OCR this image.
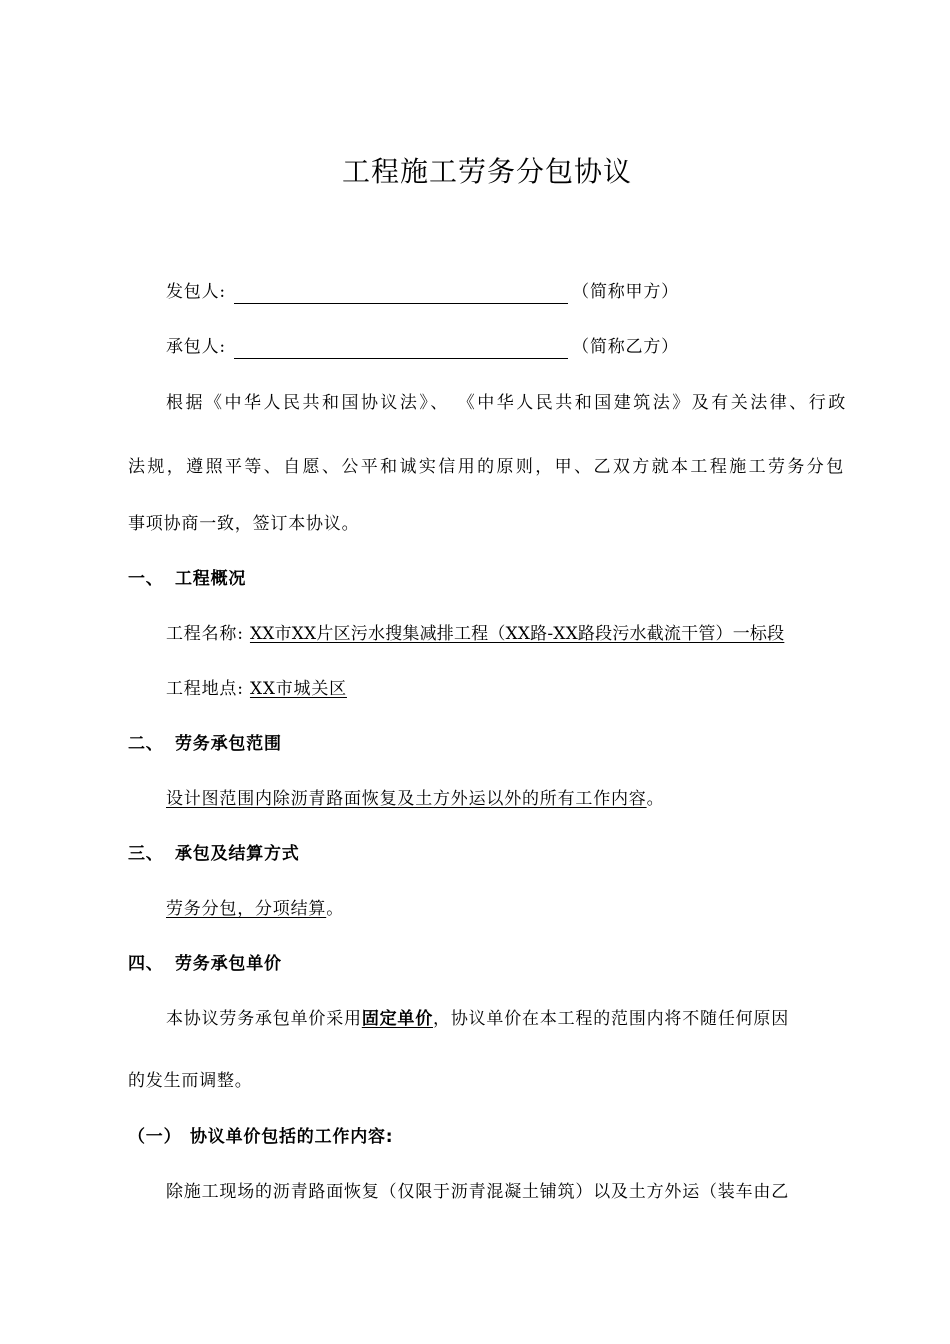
工程施工劳务分包协议
发包人:	（简称甲方）
承包人:	（简称乙方）
根据《中华人民共和国协议法》、 《中华人民共和国建筑法》及有关法律、行政
法规，遵照平等、自愿、公平和诚实信用的原则，甲、乙双方就本工程施工劳务分包
事项协商一致，签订本协议。
一、 工程概况
工程名称: XX市XX片区污水搜集减排工程（XX路-XX路段污水截流干管）一标段
工程地点: XX市城关区
二、 劳务承包范围
设计图范围内除沥青路面恢复及土方外运以外的所有工作内容。
三、 承包及结算方式
劳务分包，分项结算。
四、 劳务承包单价
本协议劳务承包单价采用固定单价，协议单价在本工程的范围内将不随任何原因
的发生而调整。
（一） 协议单价包括的工作内容:
除施工现场的沥青路面恢复（仅限于沥青混凝土铺筑）以及土方外运（装车由乙
